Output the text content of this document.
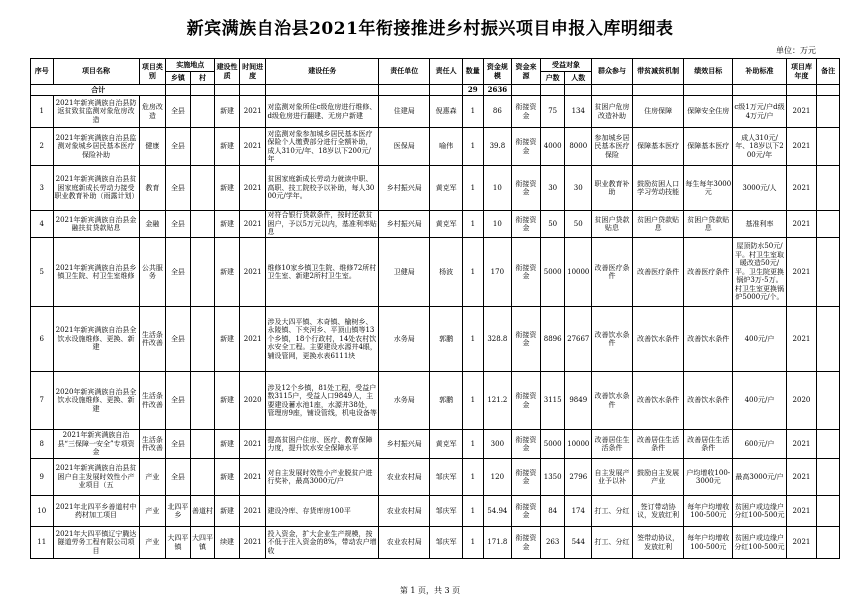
新宾满族自治县2021年衔接推进乡村振兴项目申报入库明细表
单位：万元
序号	项目名称	项目类别	实施地点		建设性质	时间进度	建设任务	责任单位	责任人	数量	资金规模	资金来源	受益对象		群众参与	带贫减贫机制	绩效目标	补助标准	项目库年度	备注
			乡镇	村									户数	人数						
合计										29	2636									
1	2021年新宾满族自治县防返贫致贫监测对象危房改造	危房改造	全县		新建	2021	对监测对象所住c级危房进行维修、d级危房进行翻建、无房户新建	住建局	倪惠森	1	86	衔接资金	75	134	贫困户危房改造补助	住房保障	保障安全住房	c级1万元/户d级4万元/户	2021	
2	2021年新宾满族自治县监测对象城乡居民基本医疗保险补助	健康	全县		新建	2021	对监测对象参加城乡居民基本医疗保险个人缴费部分进行全额补助，成人310元/年、18岁以下200元/年	医保局	喻伟	1	39.8	衔接资金	4000	8000	参加城乡居民基本医疗保险	保障基本医疗	保障基本医疗	成人310元/年、18岁以下200元/年	2021	
3	2021年新宾满族自治县贫困家庭新成长劳动力接受职业教育补助（雨露计划）	教育	全县		新建	2021	贫困家庭新成长劳动力就读中职、高职、技工院校予以补助，每人3000元/学年。	乡村振兴局	黄克军	1	10	衔接资金	30	30	职业教育补助	鼓励贫困人口学习劳动技能	每生每年3000元	3000元/人	2021	
4	2021年新宾满族自治县金融扶贫贷款贴息	金融	全县		新建	2021	对符合银行贷款条件，按时还款贫困户，予以5万元以内，基准利率贴息	乡村振兴局	黄克军	1	10	衔接资金	50	50	贫困户贷款贴息	贫困户贷款贴息	贫困户贷款贴息	基准利率	2021	
5	2021年新宾满族自治县乡镇卫生院、村卫生室维修	公共服务	全县		新建	2021	维修10家乡镇卫生院、维修72所村卫生室、新建2所村卫生室。	卫健局	杨波	1	170	衔接资金	5000	10000	改善医疗条件	改善医疗条件	改善医疗条件	屋顶防水50元/平。村卫生室取暖改造50元/平。卫生院更换锅炉3万-5万。村卫生室更换锅炉5000元/个。	2021	
6	2021年新宾满族自治县全饮水设施维修、更换、新建	生活条件改善	全县		新建	2021	涉及大四平镇、木奇镇、榆树乡、永陵镇、下夹河乡、平顶山镇等13个乡镇，18个行政村，14处农村饮水安全工程。主要建设水源井4眼，辅设管网，更换水表6111块	水务局	郭鹏	1	328.8	衔接资金	8896	27667	改善饮水条件	改善饮水条件	改善饮水条件	400元/户	2021	
7	2020年新宾满族自治县全饮水设施维修、更换、新建	生活条件改善	全县		新建	2020	涉及12个乡镇，81处工程，受益户数3115户，受益人口9849人，主要建设蓄水池1座，水源井38处，管理房9座，铺设管线，机电设备等	水务局	郭鹏	1	121.2	衔接资金	3115	9849	改善饮水条件	改善饮水条件	改善饮水条件	400元/户	2020	
8	2021年新宾满族自治县“三保障一安全”专项资金	生活条件改善	全县		新建	2021	提高贫困户住房、医疗、教育保障力度，提升饮水安全保障水平	乡村振兴局	黄克军	1	300	衔接资金	5000	10000	改善居住生活条件	改善居住生活条件	改善居住生活条件	600元/户	2021	
9	2021年新宾满族自治县贫困户自主发展时效性小产业项目（五	产业	全县		新建	2021	对自主发展时效性小产业脱贫户进行奖补，最高3000元/户	农业农村局	邹庆军	1	120	衔接资金	1350	2796	自主发展产业予以补	鼓励自主发展产业	户均增收100-3000元	最高3000元/户	2021	
10	2021年北四平乡善道村中药材加工项目	产业	北四平乡	善道村	新建	2021	建设冷库、存货库房100平	农业农村局	邹庆军	1	54.94	衔接资金	84	174	打工、分红	签订带动协议，发放红利	每年户均增收100-500元	贫困户或边缘户分红100-500元	2021	
11	2021年大四平镇辽宁腾达隧道劳务工程有限公司项目	产业	大四平镇	大四平镇	续建	2021	投入资金，扩大企业生产规模，按不低于注入资金的8%，带动农户增收	农业农村局	邹庆军	1	171.8	衔接资金	263	544	打工、分红	签带动协议，发放红利	每年户均增收100-500元	贫困户或边缘户分红100-500元	2021	
第 1 页，共 3 页
